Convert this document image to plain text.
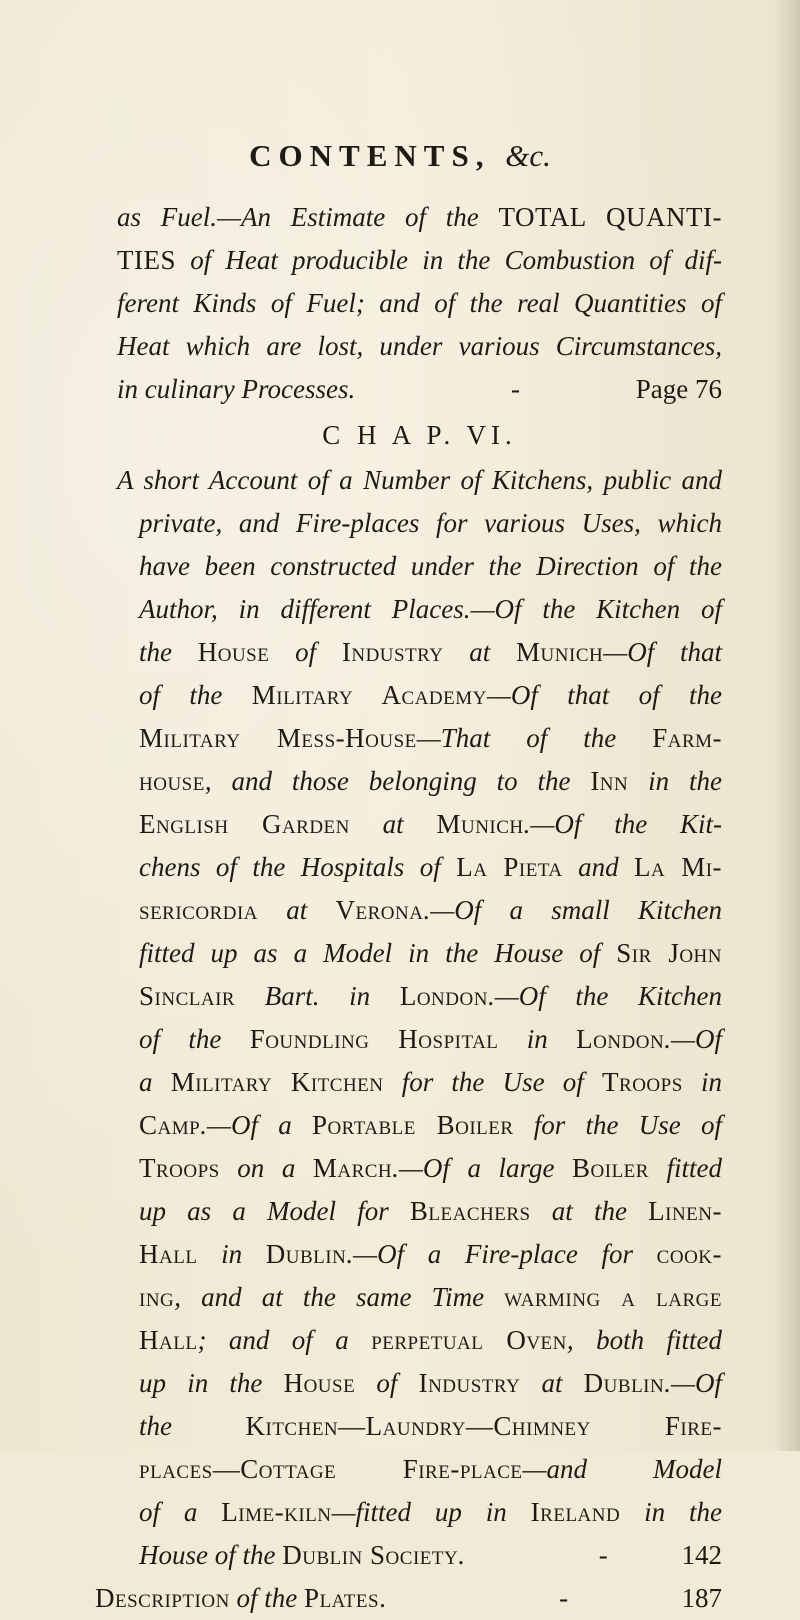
CONTENTS, &c.
as Fuel.—An Estimate of the TOTAL QUANTI-
TIES of Heat producible in the Combustion of dif-
ferent Kinds of Fuel; and of the real Quantities of
Heat which are lost, under various Circumstances,
in culinary Processes.	-	Page 76
C H A P. VI.
A short Account of a Number of Kitchens, public and
private, and Fire-places for various Uses, which
have been constructed under the Direction of the
Author, in different Places.—Of the Kitchen of
the House of Industry at Munich—Of that
of the Military Academy—Of that of the
Military Mess-House—That of the Farm-
house, and those belonging to the Inn in the
English Garden at Munich.—Of the Kit-
chens of the Hospitals of La Pieta and La Mi-
sericordia at Verona.—Of a small Kitchen
fitted up as a Model in the House of Sir John
Sinclair Bart. in London.—Of the Kitchen
of the Foundling Hospital in London.—Of
a Military Kitchen for the Use of Troops in
Camp.—Of a Portable Boiler for the Use of
Troops on a March.—Of a large Boiler fitted
up as a Model for Bleachers at the Linen-
Hall in Dublin.—Of a Fire-place for cook-
ing, and at the same Time warming a large
Hall; and of a perpetual Oven, both fitted
up in the House of Industry at Dublin.—Of
the Kitchen—Laundry—Chimney Fire-
places—Cottage Fire-place—and Model
of a Lime-kiln—fitted up in Ireland in the
House of the Dublin Society.	-	142
Description of the Plates.	-	187
